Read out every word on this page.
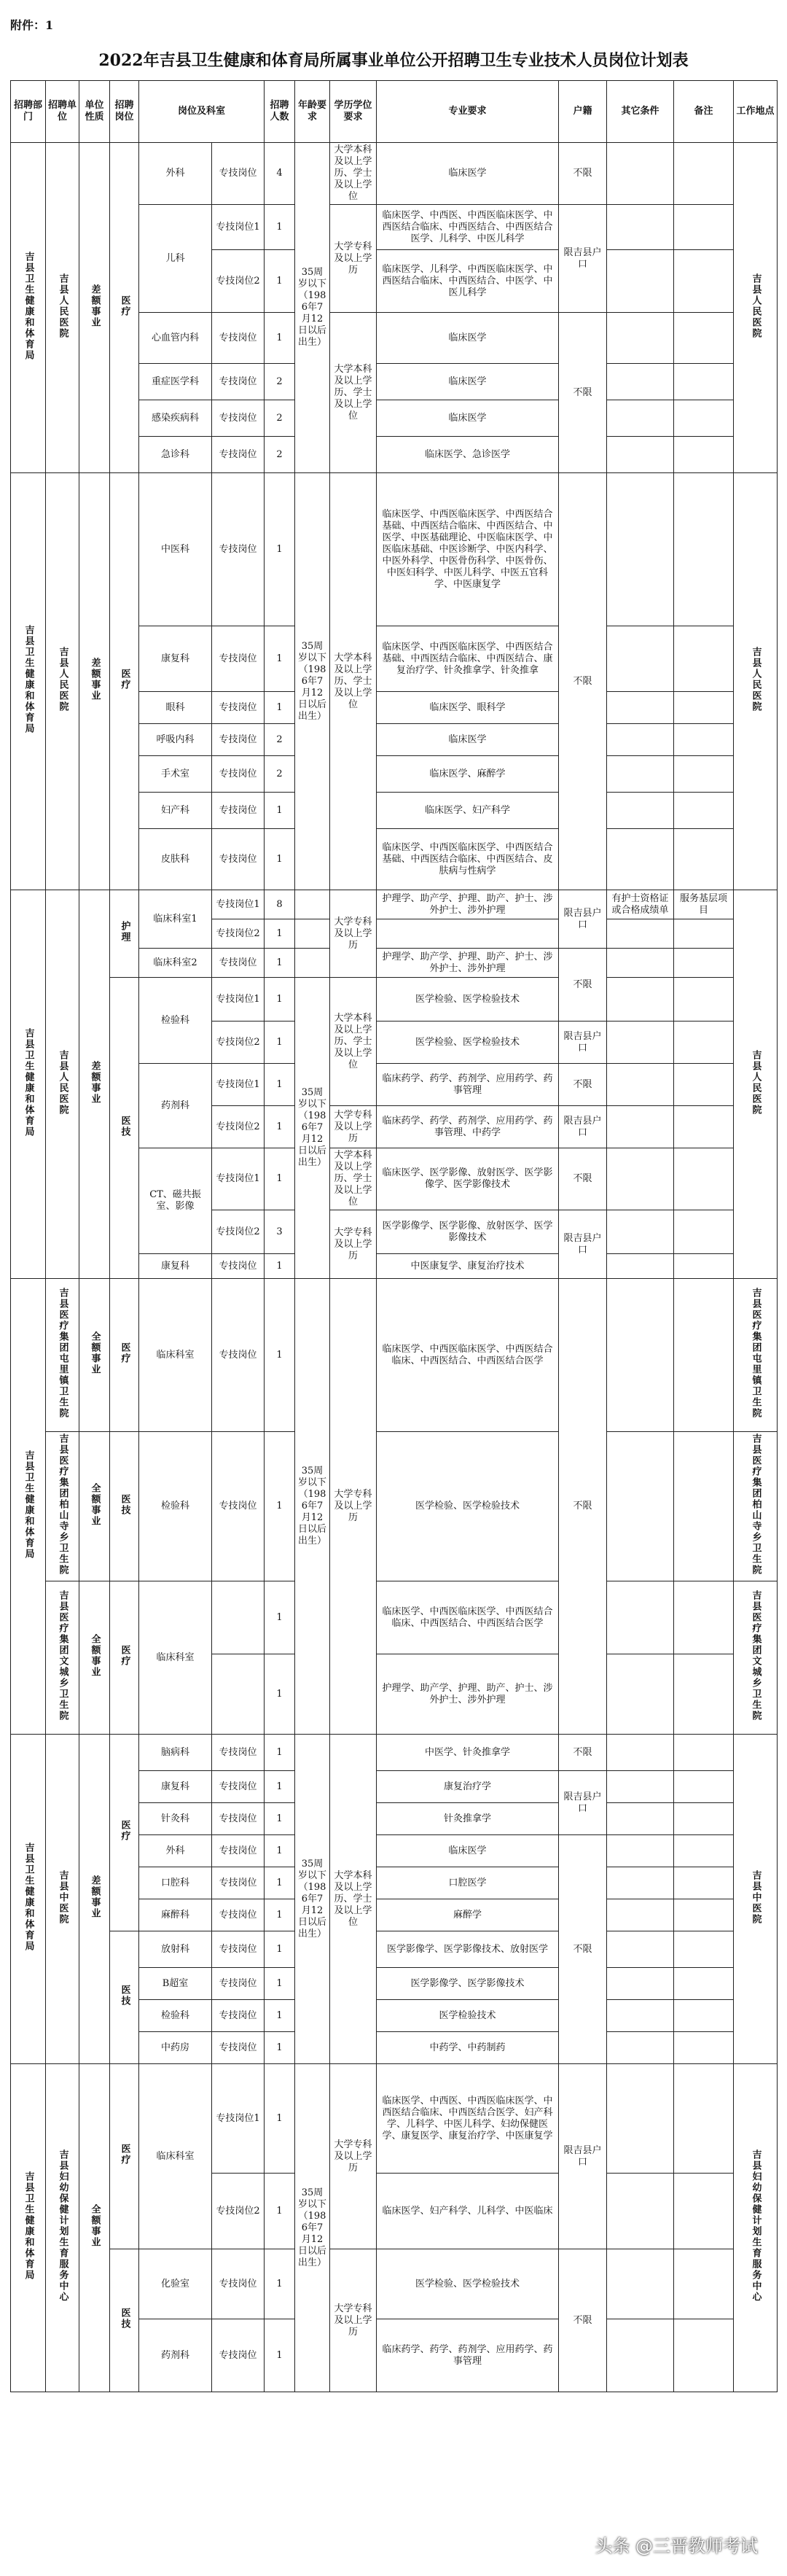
附件：1
2022年吉县卫生健康和体育局所属事业单位公开招聘卫生专业技术人员岗位计划表
招聘部门	招聘单位	单位性质	招聘岗位	岗位及科室		招聘人数	年龄要求	学历学位要求	专业要求	户籍	其它条件	备注	工作地点
吉县卫生健康和体育局	吉县人民医院	差额事业	医疗	外科	专技岗位	4	35周岁以下（1986年7月12日以后出生）	大学本科及以上学历、学士及以上学位	临床医学	不限			吉县人民医院
				儿科	专技岗位1	1		大学专科及以上学历	临床医学、中西医、中西医临床医学、中西医结合临床、中西医结合、中西医结合医学、儿科学、中医儿科学	限吉县户口			
					专技岗位2	1			临床医学、儿科学、中西医临床医学、中西医结合临床、中西医结合、中医学、中医儿科学				
				心血管内科	专技岗位	1		大学本科及以上学历、学士及以上学位	临床医学	不限			
				重症医学科	专技岗位	2			临床医学				
				感染疾病科	专技岗位	2			临床医学				
				急诊科	专技岗位	2			临床医学、急诊医学				
吉县卫生健康和体育局	吉县人民医院	差额事业	医疗	中医科	专技岗位	1	35周岁以下（1986年7月12日以后出生）	大学本科及以上学历、学士及以上学位	临床医学、中西医临床医学、中西医结合基础、中西医结合临床、中西医结合、中医学、中医基础理论、中医临床医学、中医临床基础、中医诊断学、中医内科学、中医外科学、中医骨伤科学、中医骨伤、中医妇科学、中医儿科学、中医五官科学、中医康复学	不限			吉县人民医院
				康复科	专技岗位	1			临床医学、中西医临床医学、中西医结合基础、中西医结合临床、中西医结合、康复治疗学、针灸推拿学、针灸推拿				
				眼科	专技岗位	1			临床医学、眼科学				
				呼吸内科	专技岗位	2			临床医学				
				手术室	专技岗位	2			临床医学、麻醉学				
				妇产科	专技岗位	1			临床医学、妇产科学				
				皮肤科	专技岗位	1			临床医学、中西医临床医学、中西医结合基础、中西医结合临床、中西医结合、皮肤病与性病学				
吉县卫生健康和体育局	吉县人民医院	差额事业	护理	临床科室1	专技岗位1	8		大学专科及以上学历	护理学、助产学、护理、助产、护士、涉外护士、涉外护理	限吉县户口	有护士资格证或合格成绩单	服务基层项目	吉县人民医院
					专技岗位2	1							
				临床科室2	专技岗位	1			护理学、助产学、护理、助产、护士、涉外护士、涉外护理	不限			
			医技	检验科	专技岗位1	1	35周岁以下（1986年7月12日以后出生）	大学本科及以上学历、学士及以上学位	医学检验、医学检验技术				
					专技岗位2	1			医学检验、医学检验技术	限吉县户口			
				药剂科	专技岗位1	1			临床药学、药学、药剂学、应用药学、药事管理	不限			
					专技岗位2	1		大学专科及以上学历	临床药学、药学、药剂学、应用药学、药事管理、中药学	限吉县户口			
				CT、磁共振室、影像	专技岗位1	1		大学本科及以上学历、学士及以上学位	临床医学、医学影像、放射医学、医学影像学、医学影像技术	不限			
					专技岗位2	3		大学专科及以上学历	医学影像学、医学影像、放射医学、医学影像技术	限吉县户口			
				康复科	专技岗位	1			中医康复学、康复治疗技术				
吉县卫生健康和体育局	吉县医疗集团屯里镇卫生院	全额事业	医疗	临床科室	专技岗位	1	35周岁以下（1986年7月12日以后出生）	大学专科及以上学历	临床医学、中西医临床医学、中西医结合临床、中西医结合、中西医结合医学	不限			吉县医疗集团屯里镇卫生院
	吉县医疗集团柏山寺乡卫生院	全额事业	医技	检验科	专技岗位	1			医学检验、医学检验技术				吉县医疗集团柏山寺乡卫生院
	吉县医疗集团文城乡卫生院	全额事业	医疗	临床科室		1			临床医学、中西医临床医学、中西医结合临床、中西医结合、中西医结合医学				吉县医疗集团文城乡卫生院
						1			护理学、助产学、护理、助产、护士、涉外护士、涉外护理				
吉县卫生健康和体育局	吉县中医院	差额事业	医疗	脑病科	专技岗位	1	35周岁以下（1986年7月12日以后出生）	大学本科及以上学历、学士及以上学位	中医学、针灸推拿学	不限			吉县中医院
				康复科	专技岗位	1			康复治疗学	限吉县户口			
				针灸科	专技岗位	1			针灸推拿学				
				外科	专技岗位	1			临床医学	不限			
				口腔科	专技岗位	1			口腔医学				
				麻醉科	专技岗位	1			麻醉学				
			医技	放射科	专技岗位	1			医学影像学、医学影像技术、放射医学				
				B超室	专技岗位	1			医学影像学、医学影像技术				
				检验科	专技岗位	1			医学检验技术				
				中药房	专技岗位	1			中药学、中药制药				
吉县卫生健康和体育局	吉县妇幼保健计划生育服务中心	全额事业	医疗	临床科室	专技岗位1	1	35周岁以下（1986年7月12日以后出生）	大学专科及以上学历	临床医学、中西医、中西医临床医学、中西医结合临床、中西医结合医学、妇产科学、儿科学、中医儿科学、妇幼保健医学、康复医学、康复治疗学、中医康复学	限吉县户口			吉县妇幼保健计划生育服务中心
					专技岗位2	1			临床医学、妇产科学、儿科学、中医临床				
			医技	化验室	专技岗位	1		大学专科及以上学历	医学检验、医学检验技术	不限			
				药剂科	专技岗位	1			临床药学、药学、药剂学、应用药学、药事管理				
头条 @三晋教师考试
